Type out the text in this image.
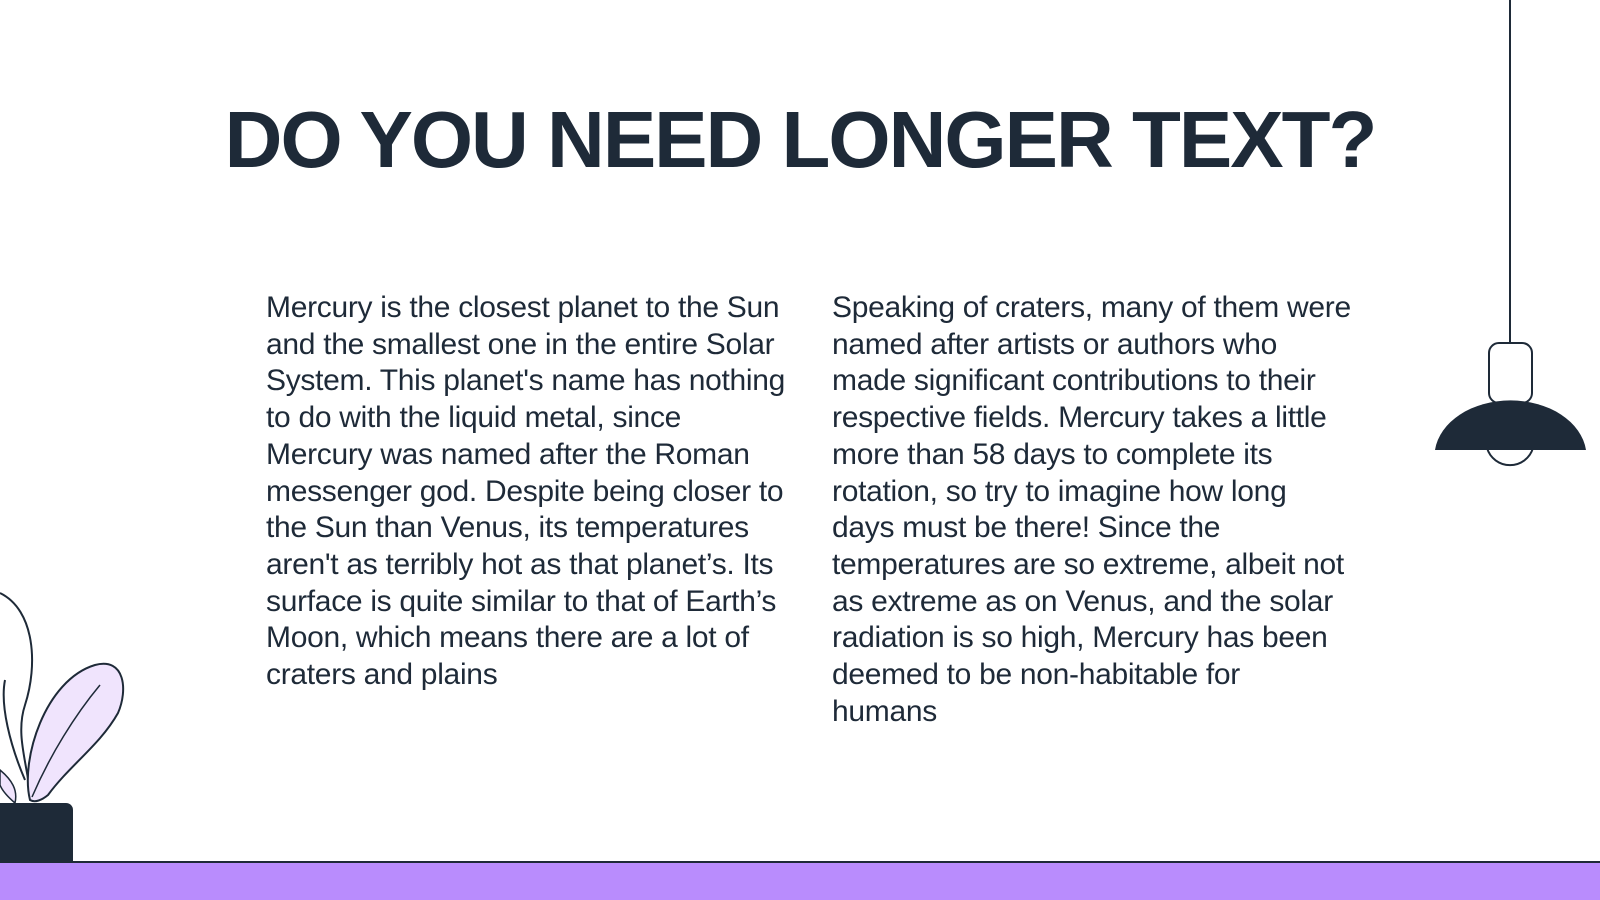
DO YOU NEED LONGER TEXT?

Mercury is the closest planet to the Sun and the smallest one in the entire Solar System. This planet's name has nothing to do with the liquid metal, since Mercury was named after the Roman messenger god. Despite being closer to the Sun than Venus, its temperatures aren't as terribly hot as that planet’s. Its surface is quite similar to that of Earth’s Moon, which means there are a lot of craters and plains

Speaking of craters, many of them were named after artists or authors who made significant contributions to their respective fields. Mercury takes a little more than 58 days to complete its rotation, so try to imagine how long days must be there! Since the temperatures are so extreme, albeit not as extreme as on Venus, and the solar radiation is so high, Mercury has been deemed to be non-habitable for humans
